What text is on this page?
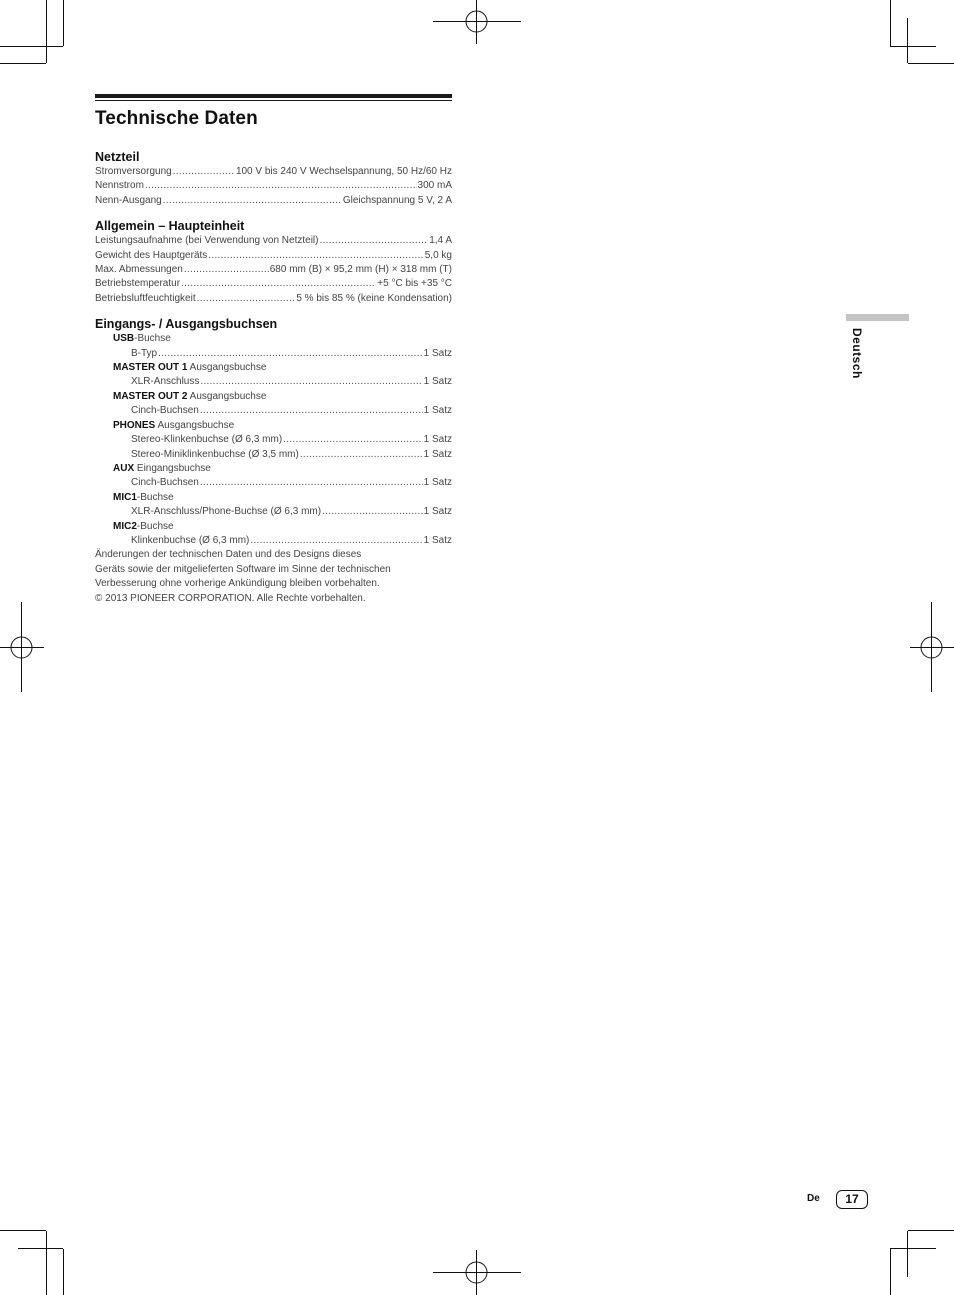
Technische Daten
Netzteil
Stromversorgung .....	100 V bis 240 V Wechselspannung, 50 Hz/60 Hz
Nennstrom .....	300 mA
Nenn-Ausgang .....	Gleichspannung 5 V, 2 A
Allgemein – Haupteinheit
Leistungsaufnahme (bei Verwendung von Netzteil) .....	1,4 A
Gewicht des Hauptgeräts .....	5,0 kg
Max. Abmessungen .....	680 mm (B) × 95,2 mm (H) × 318 mm (T)
Betriebstemperatur .....	+5 °C bis +35 °C
Betriebsluftfeuchtigkeit .....	5 % bis 85 % (keine Kondensation)
Eingangs- / Ausgangsbuchsen
USB-Buchse
B-Typ .....	1 Satz
MASTER OUT 1 Ausgangsbuchse
XLR-Anschluss .....	1 Satz
MASTER OUT 2 Ausgangsbuchse
Cinch-Buchsen .....	1 Satz
PHONES Ausgangsbuchse
Stereo-Klinkenbuchse (Ø 6,3 mm) .....	1 Satz
Stereo-Miniklinkenbuchse (Ø 3,5 mm) .....	1 Satz
AUX Eingangsbuchse
Cinch-Buchsen .....	1 Satz
MIC1-Buchse
XLR-Anschluss/Phone-Buchse (Ø 6,3 mm) .....	1 Satz
MIC2-Buchse
Klinkenbuchse (Ø 6,3 mm) .....	1 Satz

Änderungen der technischen Daten und des Designs dieses

Geräts sowie der mitgelieferten Software im Sinne der technischen

Verbesserung ohne vorherige Ankündigung bleiben vorbehalten.

© 2013 PIONEER CORPORATION. Alle Rechte vorbehalten.

Deutsch
De	17
